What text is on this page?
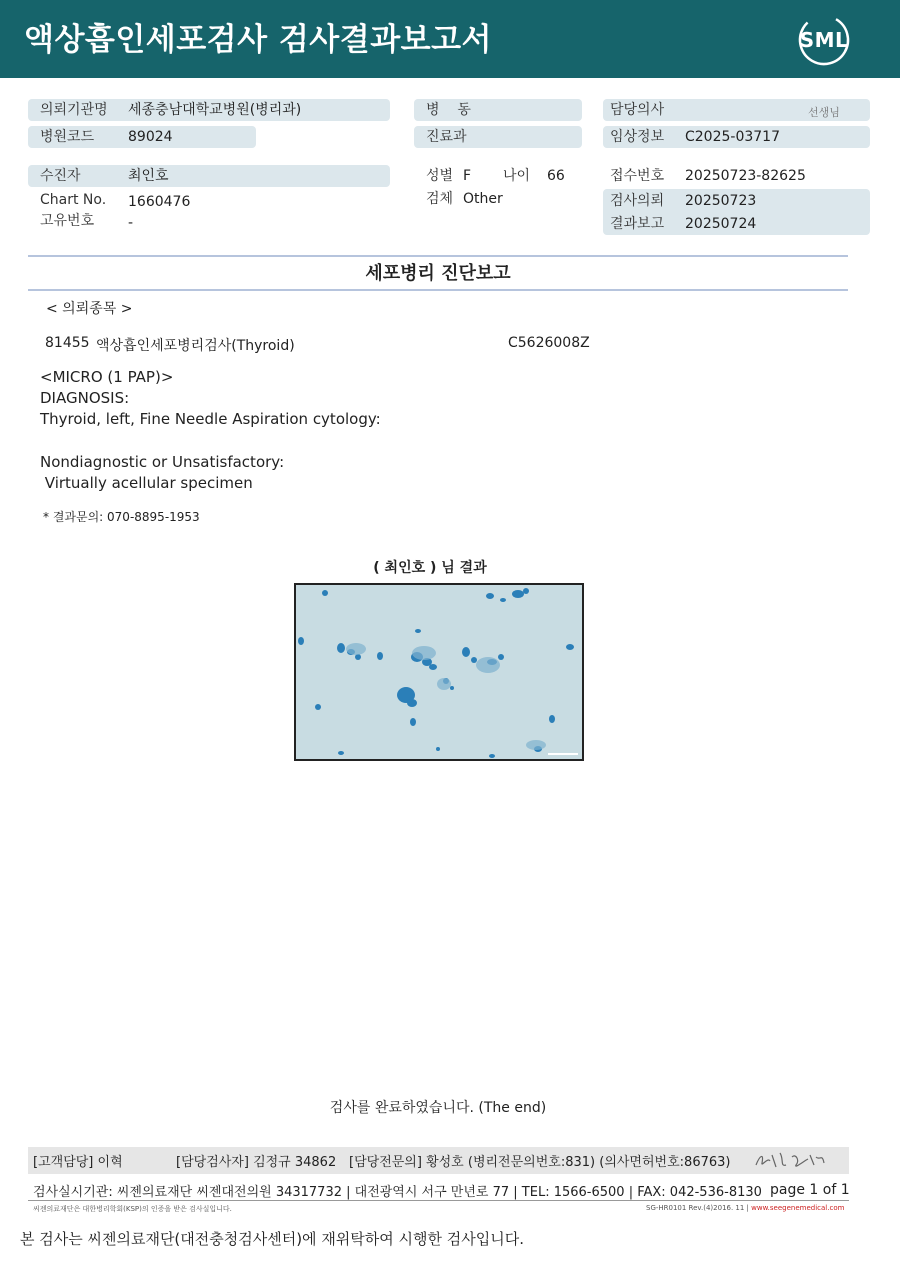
액상흡인세포검사 검사결과보고서	SML
의뢰기관명 세종충남대학교병원(병리과)
병원코드 89024
수진자	최인호
Chart No. 1660476
고유번호 -
병    동
진료과
성별 F 나이 66
검체 Other
담당의사	선생님
임상정보 C2025-03717
접수번호 20250723-82625
검사의뢰 20250723
결과보고 20250724
세포병리 진단보고
< 의뢰종목 >
81455 액상흡인세포병리검사(Thyroid)	C5626008Z
<MICRO (1 PAP)>
DIAGNOSIS:
Thyroid, left, Fine Needle Aspiration cytology:
Nondiagnostic or Unsatisfactory:
Virtually acellular specimen
* 결과문의: 070-8895-1953
( 최인호 ) 님 결과
검사를 완료하였습니다. (The end)
[고객담당] 이혁	[담당검사자] 김정규 34862 [담당전문의] 황성호 (병리전문의번호:831) (의사면허번호:86763)
검사실시기관: 씨젠의료재단 씨젠대전의원 34317732 | 대전광역시 서구 만년로 77 | TEL: 1566-6500 | FAX: 042-536-8130 page 1 of 1
씨젠의료재단은 대한병리학회(KSP)의 인증을 받은 검사실입니다.	SG-HR0101 Rev.(4)2016. 11 | www.seegenemedical.com
본 검사는 씨젠의료재단(대전충청검사센터)에 재위탁하여 시행한 검사입니다.
